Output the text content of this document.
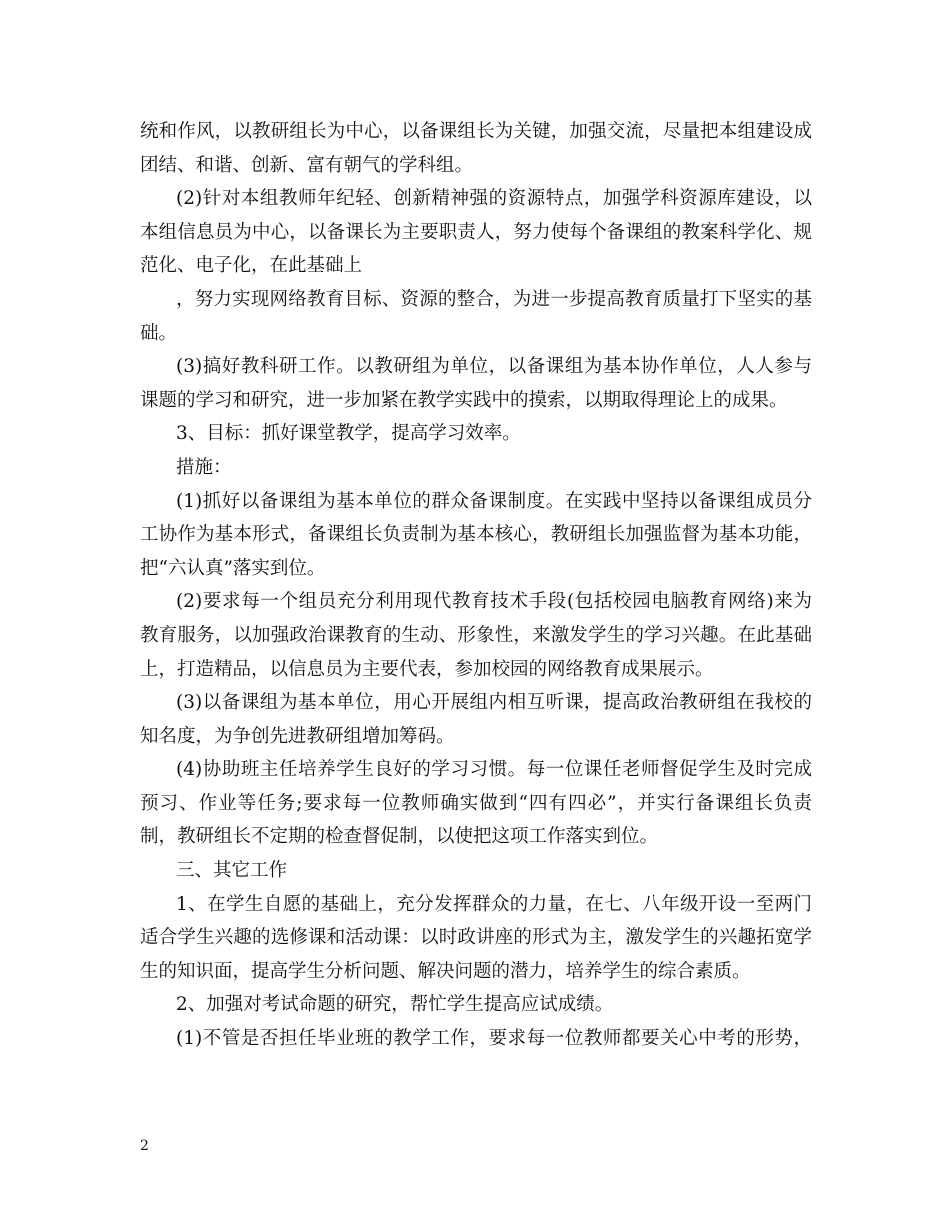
统和作风，以教研组长为中心，以备课组长为关键，加强交流，尽量把本组建设成
团结、和谐、创新、富有朝气的学科组。
(2)针对本组教师年纪轻、创新精神强的资源特点，加强学科资源库建设，以
本组信息员为中心，以备课长为主要职责人，努力使每个备课组的教案科学化、规
范化、电子化，在此基础上
，努力实现网络教育目标、资源的整合，为进一步提高教育质量打下坚实的基
础。
(3)搞好教科研工作。以教研组为单位，以备课组为基本协作单位，人人参与
课题的学习和研究，进一步加紧在教学实践中的摸索，以期取得理论上的成果。
3、目标：抓好课堂教学，提高学习效率。
措施：
(1)抓好以备课组为基本单位的群众备课制度。在实践中坚持以备课组成员分
工协作为基本形式，备课组长负责制为基本核心，教研组长加强监督为基本功能，
把“六认真”落实到位。
(2)要求每一个组员充分利用现代教育技术手段(包括校园电脑教育网络)来为
教育服务，以加强政治课教育的生动、形象性，来激发学生的学习兴趣。在此基础
上，打造精品，以信息员为主要代表，参加校园的网络教育成果展示。
(3)以备课组为基本单位，用心开展组内相互听课，提高政治教研组在我校的
知名度，为争创先进教研组增加筹码。
(4)协助班主任培养学生良好的学习习惯。每一位课任老师督促学生及时完成
预习、作业等任务;要求每一位教师确实做到“四有四必”，并实行备课组长负责
制，教研组长不定期的检查督促制，以使把这项工作落实到位。
三、其它工作
1、在学生自愿的基础上，充分发挥群众的力量，在七、八年级开设一至两门
适合学生兴趣的选修课和活动课：以时政讲座的形式为主，激发学生的兴趣拓宽学
生的知识面，提高学生分析问题、解决问题的潜力，培养学生的综合素质。
2、加强对考试命题的研究，帮忙学生提高应试成绩。
(1)不管是否担任毕业班的教学工作，要求每一位教师都要关心中考的形势，
2
